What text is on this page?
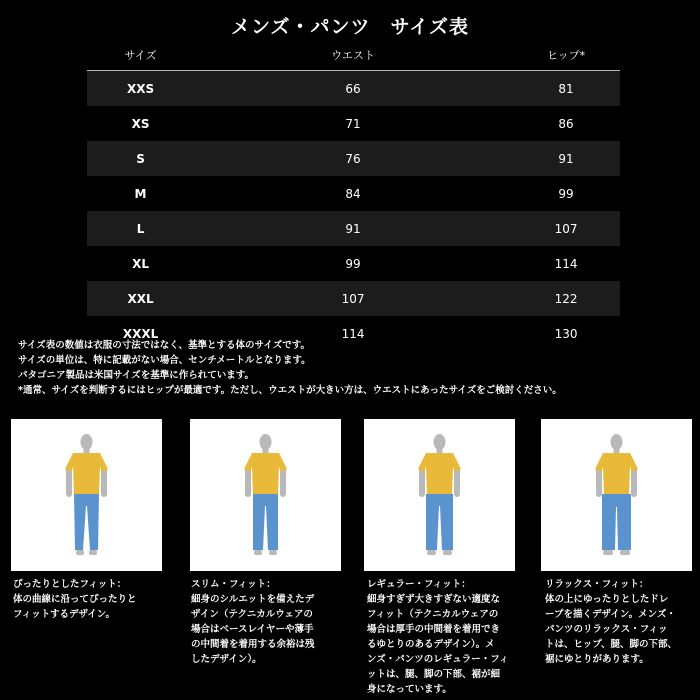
メンズ・パンツ　サイズ表
サイズ	ウエスト	ヒップ*
XXS	66	81
XS	71	86
S	76	91
M	84	99
L	91	107
XL	99	114
XXL	107	122
XXXL	114	130
サイズ表の数値は衣服の寸法ではなく、基準とする体のサイズです。
サイズの単位は、特に記載がない場合、センチメートルとなります。
パタゴニア製品は米国サイズを基準に作られています。
*通常、サイズを判断するにはヒップが最適です。ただし、ウエストが大きい方は、ウエストにあったサイズをご検討ください。
ぴったりとしたフィット：
体の曲線に沿ってぴったりと
フィットするデザイン。
スリム・フィット：
細身のシルエットを備えたデ
ザイン（テクニカルウェアの
場合はベースレイヤーや薄手
の中間着を着用する余裕は残
したデザイン）。
レギュラー・フィット：
細身すぎず大きすぎない適度な
フィット（テクニカルウェアの
場合は厚手の中間着を着用でき
るゆとりのあるデザイン）。メ
ンズ・パンツのレギュラー・フィ
ットは、腿、脚の下部、裾が細
身になっています。
リラックス・フィット：
体の上にゆったりとしたドレ
ープを描くデザイン。メンズ・
パンツのリラックス・フィッ
トは、ヒップ、腿、脚の下部、
裾にゆとりがあります。
